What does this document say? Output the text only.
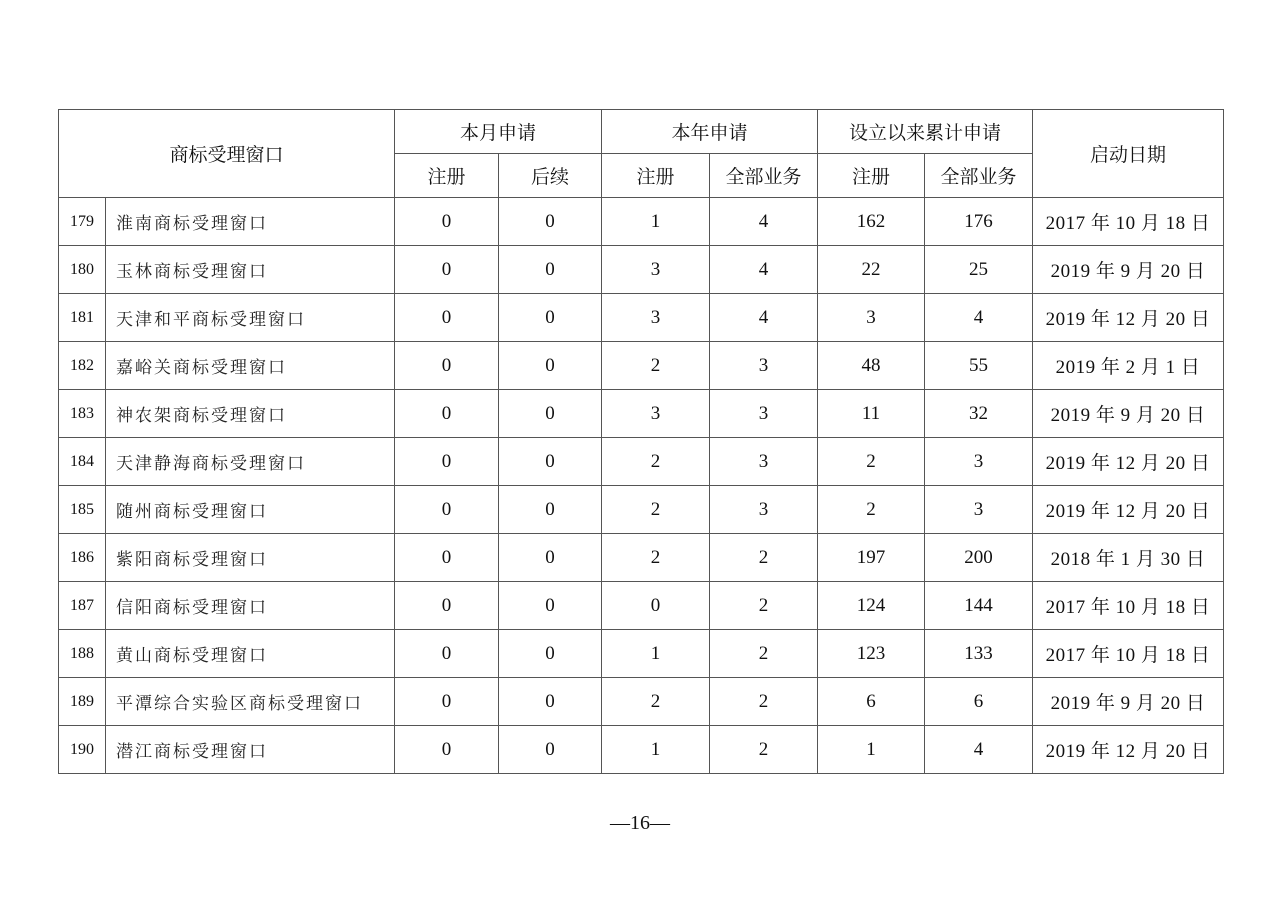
商标受理窗口		本月申请		本年申请		设立以来累计申请		启动日期
		注册	后续	注册	全部业务	注册	全部业务	
179	淮南商标受理窗口	0	0	1	4	162	176	2017 年 10 月 18 日
180	玉林商标受理窗口	0	0	3	4	22	25	2019 年 9 月 20 日
181	天津和平商标受理窗口	0	0	3	4	3	4	2019 年 12 月 20 日
182	嘉峪关商标受理窗口	0	0	2	3	48	55	2019 年 2 月 1 日
183	神农架商标受理窗口	0	0	3	3	11	32	2019 年 9 月 20 日
184	天津静海商标受理窗口	0	0	2	3	2	3	2019 年 12 月 20 日
185	随州商标受理窗口	0	0	2	3	2	3	2019 年 12 月 20 日
186	紫阳商标受理窗口	0	0	2	2	197	200	2018 年 1 月 30 日
187	信阳商标受理窗口	0	0	0	2	124	144	2017 年 10 月 18 日
188	黄山商标受理窗口	0	0	1	2	123	133	2017 年 10 月 18 日
189	平潭综合实验区商标受理窗口	0	0	2	2	6	6	2019 年 9 月 20 日
190	潜江商标受理窗口	0	0	1	2	1	4	2019 年 12 月 20 日
—16—
